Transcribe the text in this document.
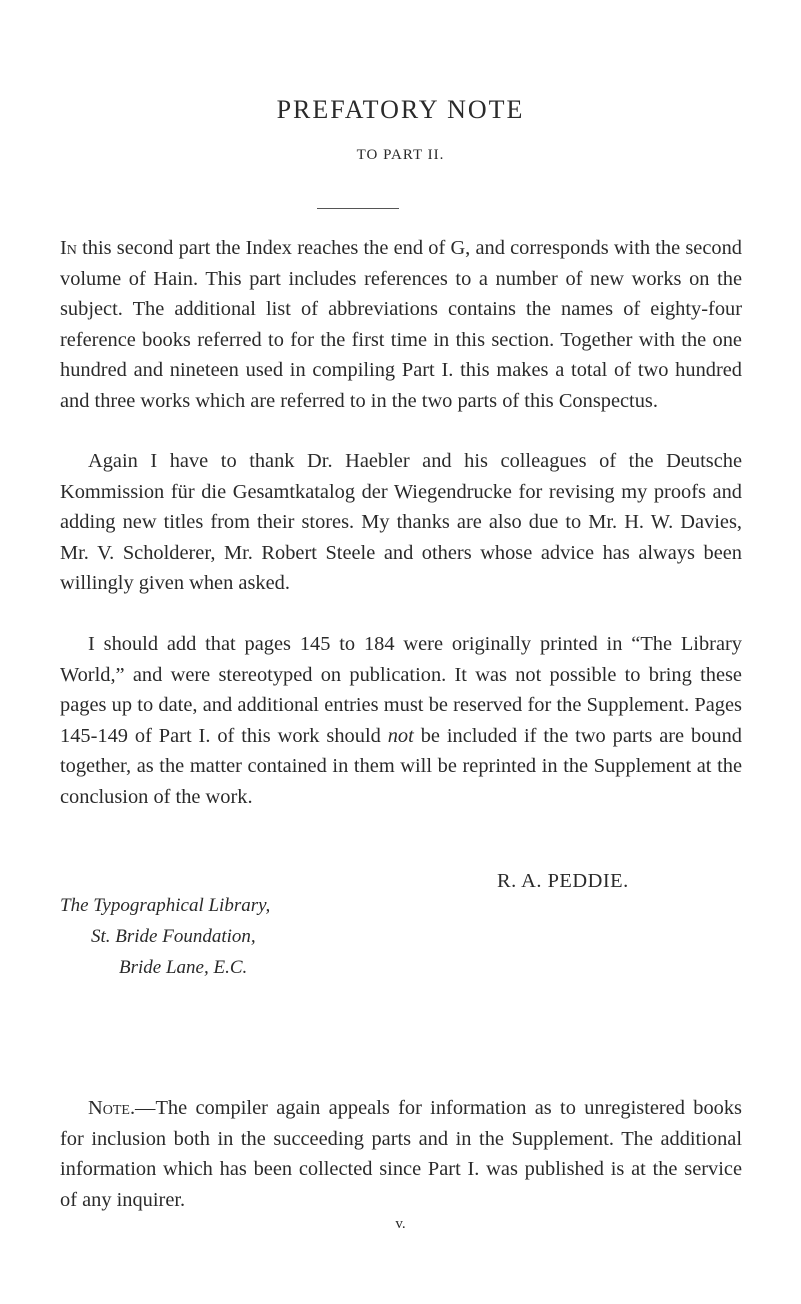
PREFATORY NOTE

TO PART II.

In this second part the Index reaches the end of G, and corresponds with the second volume of Hain. This part includes references to a number of new works on the subject. The additional list of abbreviations contains the names of eighty-four reference books referred to for the first time in this section. Together with the one hundred and nineteen used in compiling Part I. this makes a total of two hundred and three works which are referred to in the two parts of this Conspectus.

Again I have to thank Dr. Haebler and his colleagues of the Deutsche Kommission für die Gesamtkatalog der Wiegendrucke for revising my proofs and adding new titles from their stores. My thanks are also due to Mr. H. W. Davies, Mr. V. Scholderer, Mr. Robert Steele and others whose advice has always been willingly given when asked.

I should add that pages 145 to 184 were originally printed in “The Library World,” and were stereotyped on publication. It was not possible to bring these pages up to date, and additional entries must be reserved for the Supplement. Pages 145-149 of Part I. of this work should not be included if the two parts are bound together, as the matter contained in them will be reprinted in the Supplement at the conclusion of the work.

R. A. PEDDIE.

The Typographical Library,
St. Bride Foundation,
Bride Lane, E.C.

Note.—The compiler again appeals for information as to unregistered books for inclusion both in the succeeding parts and in the Supplement. The additional information which has been collected since Part I. was published is at the service of any inquirer.

v.
